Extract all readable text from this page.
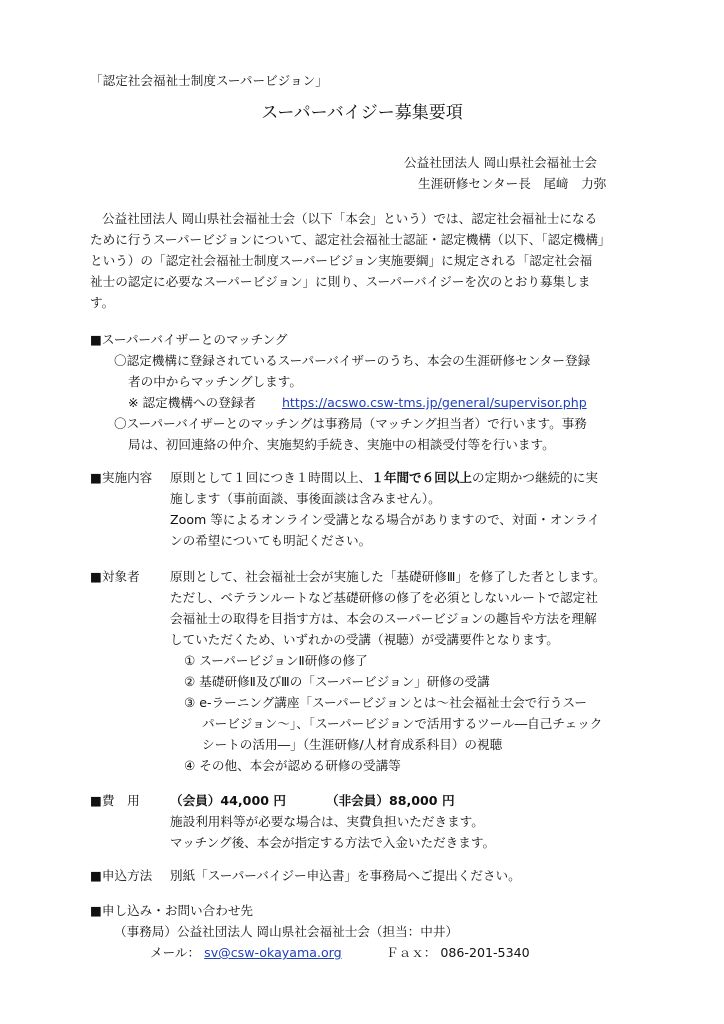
「認定社会福祉士制度スーパービジョン」
スーパーバイジー募集要項
公益社団法人 岡山県社会福祉士会
生涯研修センター長　尾﨑　力弥
公益社団法人 岡山県社会福祉士会（以下「本会」という）では、認定社会福祉士になる
ために行うスーパービジョンについて、認定社会福祉士認証・認定機構（以下、「認定機構」
という）の「認定社会福祉士制度スーパービジョン実施要綱」に規定される「認定社会福
祉士の認定に必要なスーパービジョン」に則り、スーパーバイジーを次のとおり募集しま
す。
■スーパーバイザーとのマッチング
〇認定機構に登録されているスーパーバイザーのうち、本会の生涯研修センター登録
者の中からマッチングします。
※ 認定機構への登録者 https://acswo.csw-tms.jp/general/supervisor.php
〇スーパーバイザーとのマッチングは事務局（マッチング担当者）で行います。事務
局は、初回連絡の仲介、実施契約手続き、実施中の相談受付等を行います。
■実施内容 原則として１回につき１時間以上、１年間で６回以上の定期かつ継続的に実
施します（事前面談、事後面談は含みません）。
Zoom 等によるオンライン受講となる場合がありますので、対面・オンライ
ンの希望についても明記ください。
■対象者 原則として、社会福祉士会が実施した「基礎研修Ⅲ」を修了した者とします。
ただし、ベテランルートなど基礎研修の修了を必須としないルートで認定社
会福祉士の取得を目指す方は、本会のスーパービジョンの趣旨や方法を理解
していただくため、いずれかの受講（視聴）が受講要件となります。
① スーパービジョンⅡ研修の修了
② 基礎研修Ⅱ及びⅢの「スーパービジョン」研修の受講
③ e-ラーニング講座「スーパービジョンとは～社会福祉士会で行うスー
パービジョン～」、「スーパービジョンで活用するツール―自己チェック
シートの活用―」（生涯研修/人材育成系科目）の視聴
④ その他、本会が認める研修の受講等
■費　用 （会員）44,000 円	（非会員）88,000 円
施設利用料等が必要な場合は、実費負担いただきます。
マッチング後、本会が指定する方法で入金いただきます。
■申込方法 別紙「スーパーバイジー申込書」を事務局へご提出ください。
■申し込み・お問い合わせ先
（事務局）公益社団法人 岡山県社会福祉士会（担当：中井）
メール： sv@csw-okayama.org	Ｆａｘ： 086-201-5340
